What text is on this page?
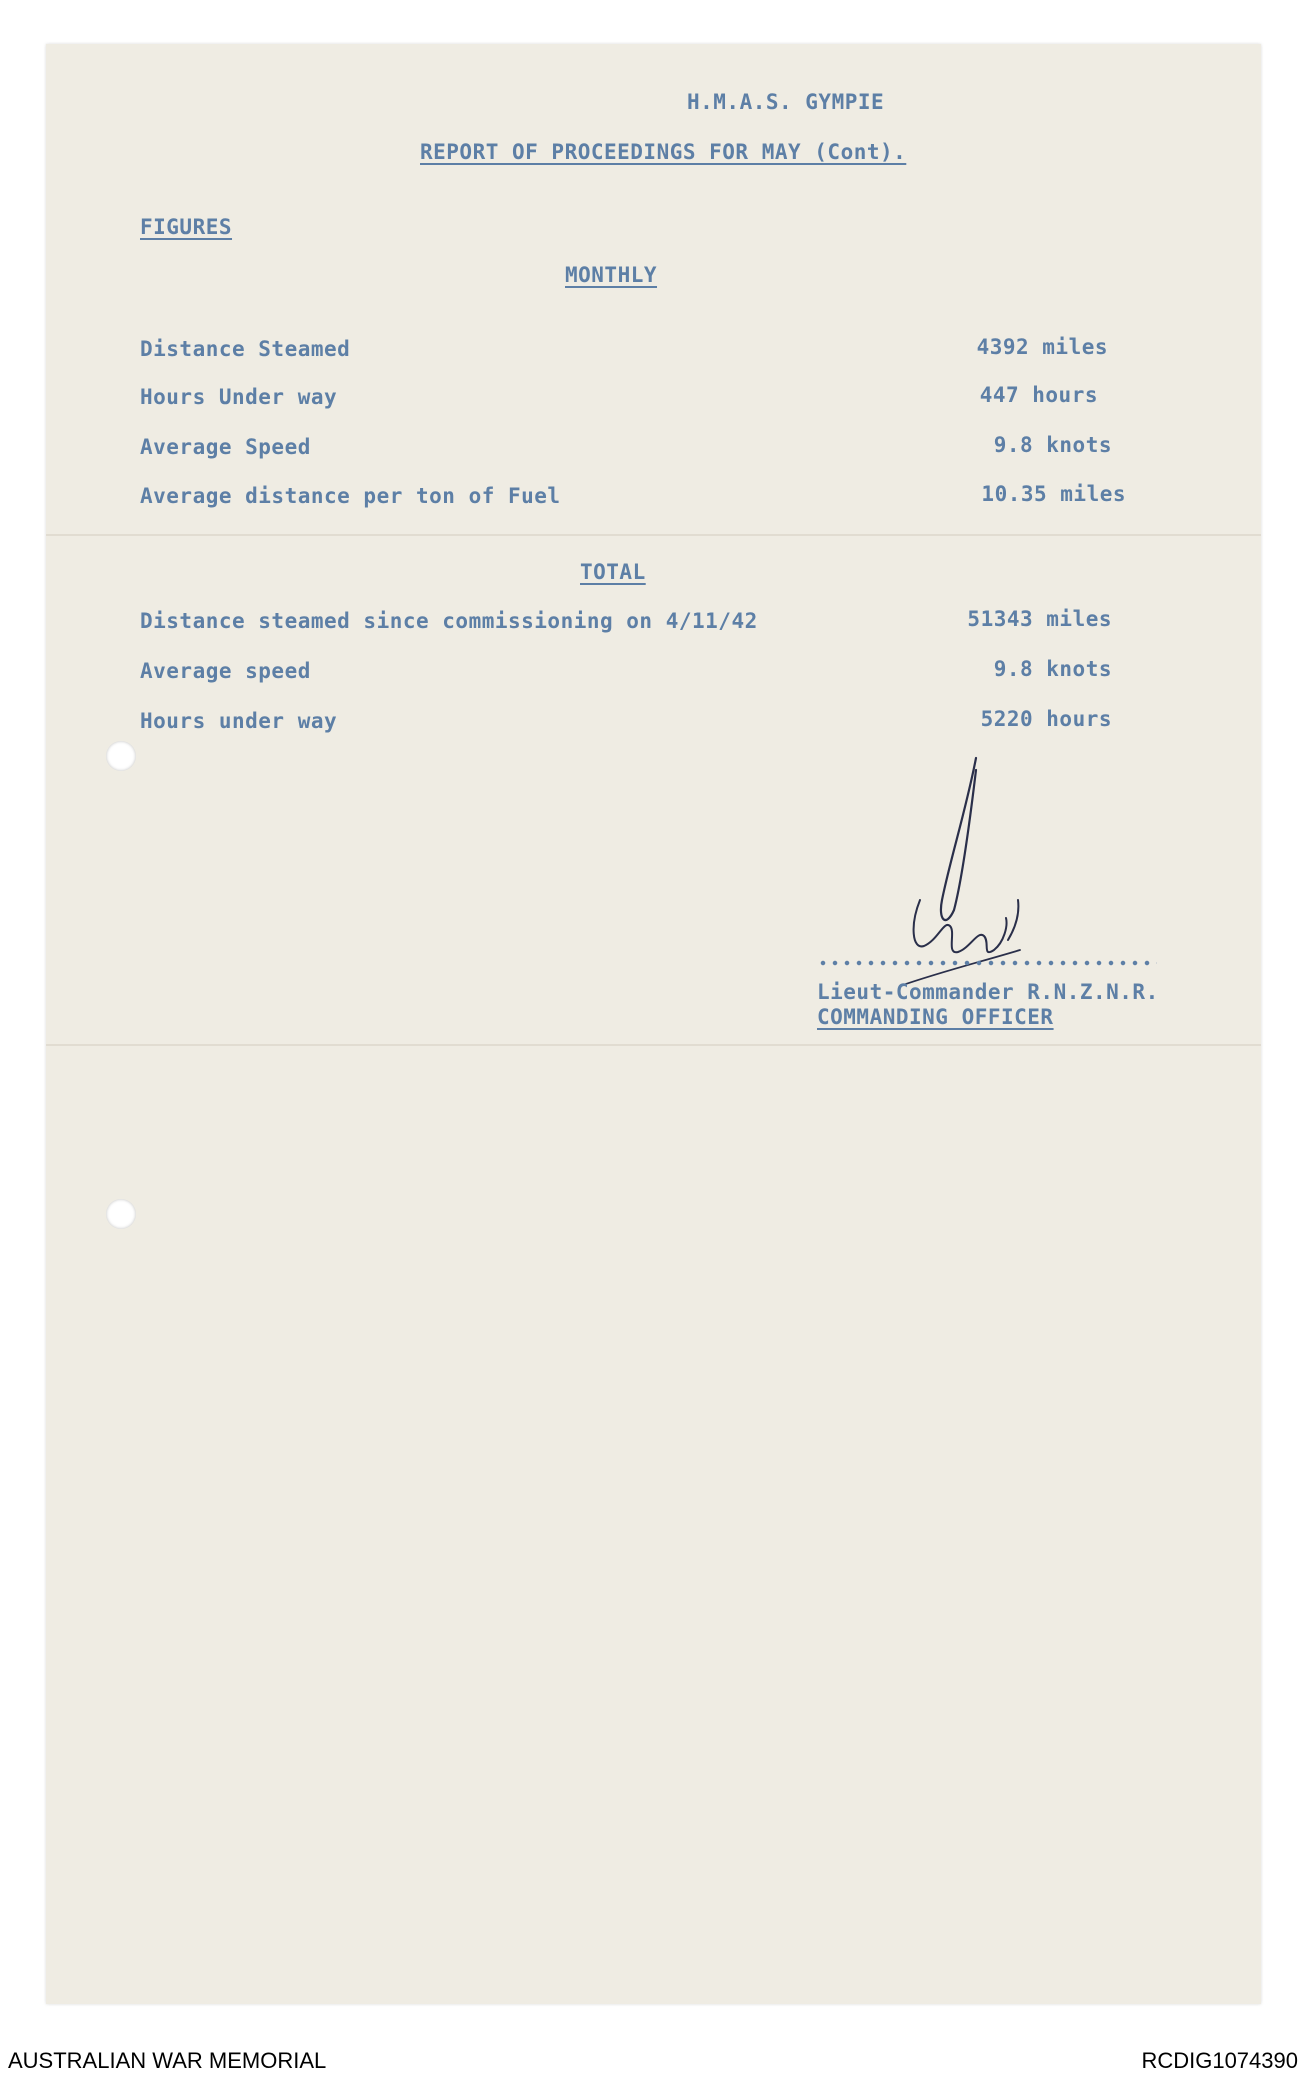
H.M.A.S. GYMPIE
REPORT OF PROCEEDINGS FOR MAY (Cont).
FIGURES
MONTHLY
Distance Steamed	4392 miles
Hours Under way	447 hours
Average Speed	9.8 knots
Average distance per ton of Fuel	10.35 miles
TOTAL
Distance steamed since commissioning on 4/11/42	51343 miles
Average speed	9.8 knots
Hours under way	5220 hours
Lieut-Commander R.N.Z.N.R.
COMMANDING OFFICER
AUSTRALIAN WAR MEMORIAL	RCDIG1074390
